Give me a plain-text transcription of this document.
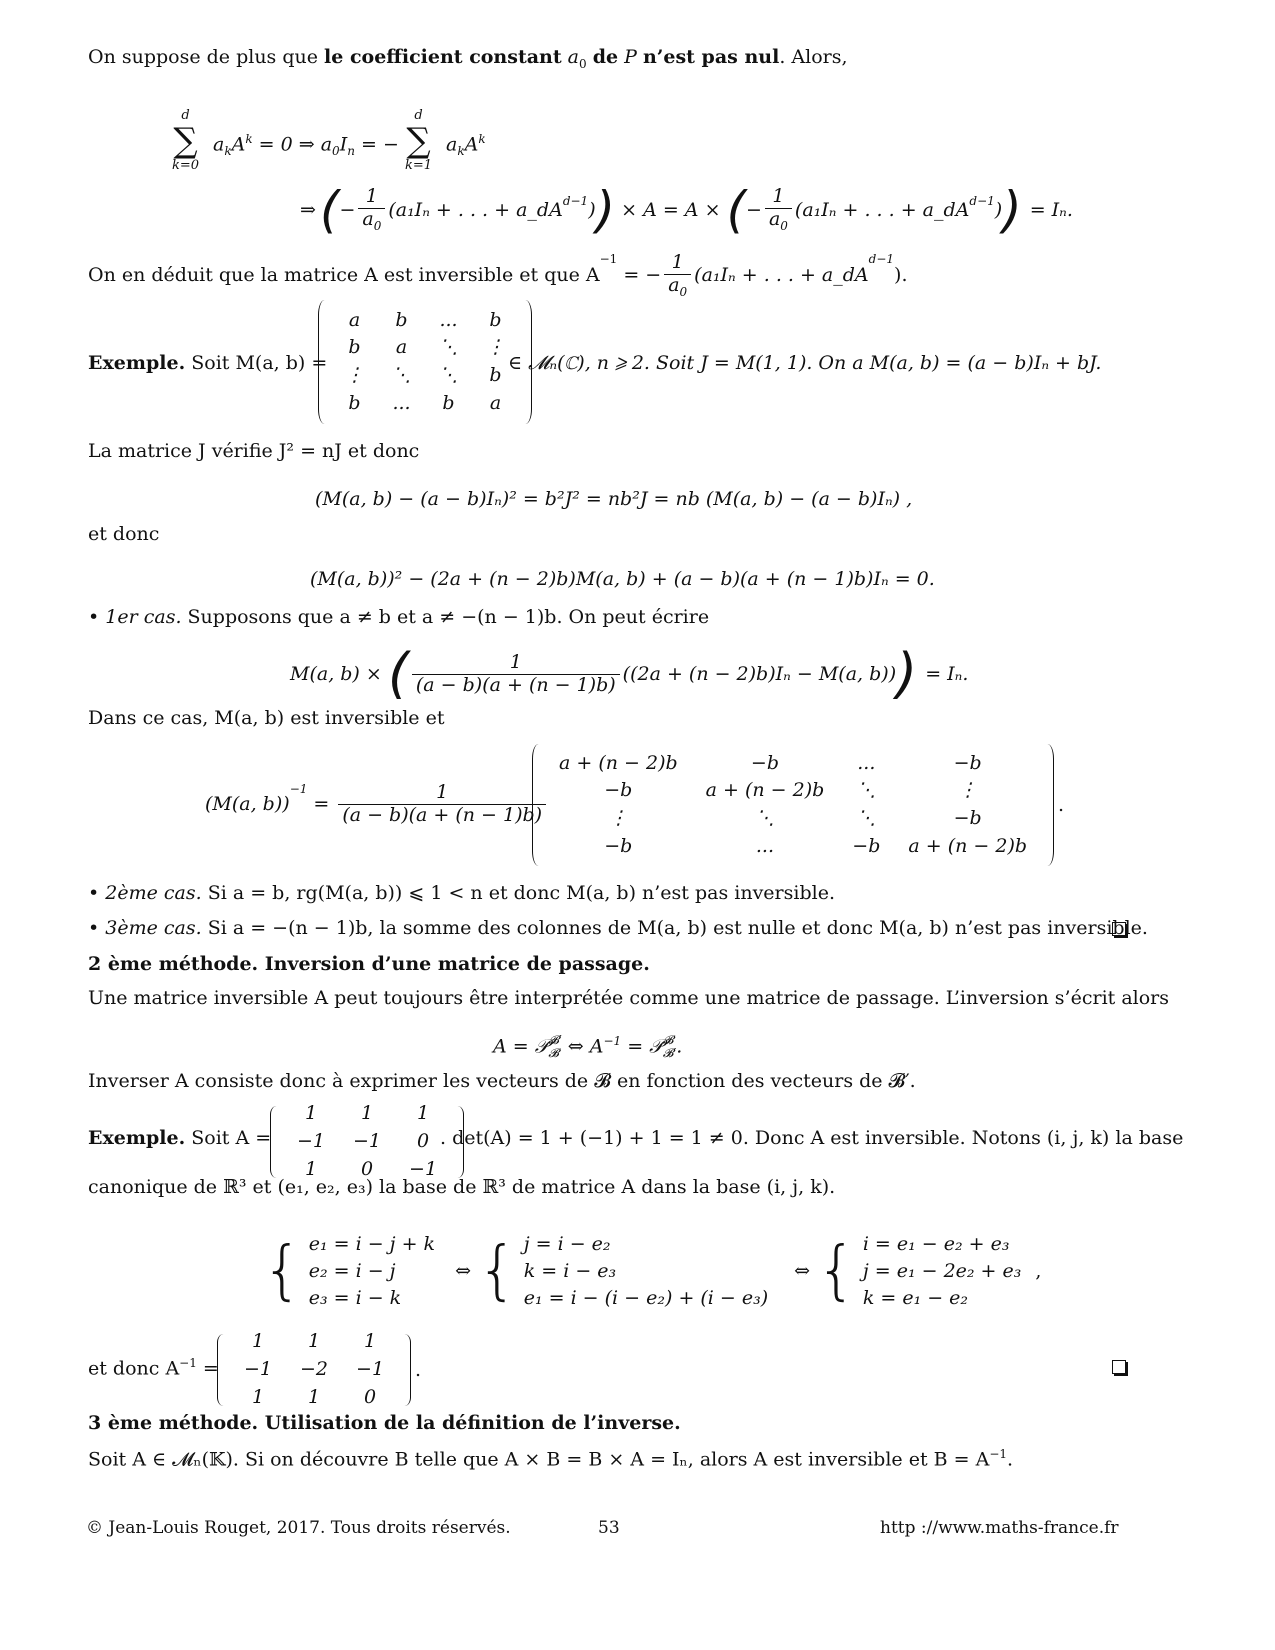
On suppose de plus que le coefficient constant $a_0$ de P n’est pas nul. Alors,
d
∑
k=0
$a_kA^k = 0$ ⇒ $a_0I_n$ = −
d
∑
k=1
$a_kA^k$
⇒ ( − $\frac{1}{a_0} (a_1I_n$ + . . . + $a\_dA^{d-1}$ ) ) × A = A × ( − $\frac{1}{a_0} (a_1I_n$ + . . . + $a\_dA^{d-1}$ ) ) = Iₙ.
On en déduit que la matrice A est inversible et que A
$^{-1}$
= − $\frac{1}{a_0} (a_1I_n$ + . . . + a_dA
$^{d-1}$
).
Exemple. Soit M(a, b) =
a	b	...	b
b	a	⋱	⋮
⋮	⋱	⋱	b
b	...	b	a
∈ 𝓜ₙ(ℂ), n ⩾ 2. Soit J = M(1, 1). On a M(a, b) = (a − b)Iₙ + bJ.
La matrice J vérifie J² = nJ et donc
(M(a, b) − (a − b)Iₙ)² = b²J² = nb²J = nb (M(a, b) − (a − b)Iₙ) ,
et donc
(M(a, b))² − (2a + (n − 2)b)M(a, b) + (a − b)(a + (n − 1)b)Iₙ = 0.
• 1er cas. Supposons que a ≠ b et a ≠ −(n − 1)b. On peut écrire
M(a, b) × ( $\frac{1}{(a - b)(a + (n - 1)b)} ((2a + (n - 2)b)I_n - M(a$, b)) ) = Iₙ.
Dans ce cas, M(a, b) est inversible et
(M(a, b))
$^{-1}$
= $\frac{1}{(a - b)(a + (n - 1)b)}$
a + (n − 2)b	−b	...	−b
−b	a + (n − 2)b	⋱	⋮
⋮	⋱	⋱	−b
−b	...	−b	a + (n − 2)b
.
• 2ème cas. Si a = b, rg(M(a, b)) ⩽ 1 < n et donc M(a, b) n’est pas inversible.
• 3ème cas. Si a = −(n − 1)b, la somme des colonnes de M(a, b) est nulle et donc M(a, b) n’est pas inversible.
2 ème méthode. Inversion d’une matrice de passage.
Une matrice inversible A peut toujours être interprétée comme une matrice de passage. L’inversion s’écrit alors
A = 𝒫 𝓑′
𝓑 ⇔ $A^{-1}$ = 𝒫 𝓑
𝓑′ .
Inverser A consiste donc à exprimer les vecteurs de 𝓑 en fonction des vecteurs de 𝓑′.
Exemple. Soit A =
1	1	1
−1	−1	0
1	0	−1
. det(A) = 1 + (−1) + 1 = 1 ≠ 0. Donc A est inversible. Notons (i, j, k) la base
canonique de ℝ³ et (e₁, e₂, e₃) la base de ℝ³ de matrice A dans la base (i, j, k).
{ e₁ = i − j + k
e₂ = i − j
e₃ = i − k
⇔ { j = i − e₂
k = i − e₃
e₁ = i − (i − e₂) + (i − e₃)
⇔ { i = e₁ − e₂ + e₃
j = e₁ − 2e₂ + e₃
k = e₁ − e₂
,
et donc $A^{-1}$ =
1	1	1
−1	−2	−1
1	1	0
.
3 ème méthode. Utilisation de la définition de l’inverse.
Soit A ∈ 𝓜ₙ(𝕂). Si on découvre B telle que A × B = B × A = Iₙ, alors A est inversible et $B = A^{-1}$.
© Jean-Louis Rouget, 2017. Tous droits réservés.	53	http ://www.maths-france.fr
